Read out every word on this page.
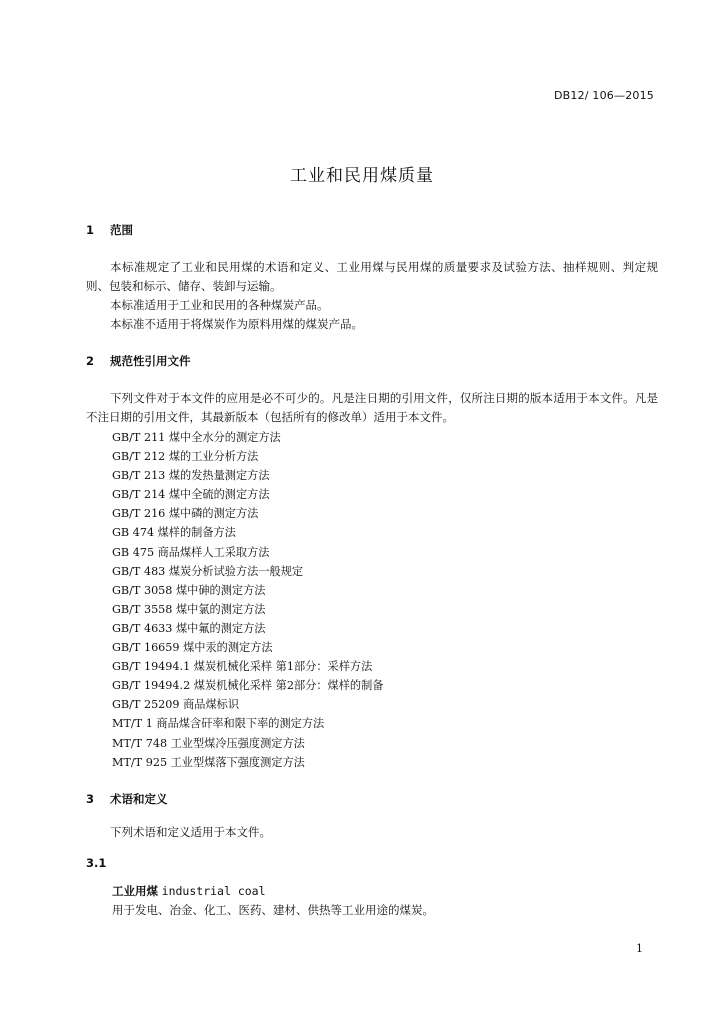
DB12/ 106—2015
工业和民用煤质量
1 范围

本标准规定了工业和民用煤的术语和定义、工业用煤与民用煤的质量要求及试验方法、抽样规则、判定规则、包装和标示、储存、装卸与运输。

本标准适用于工业和民用的各种煤炭产品。

本标准不适用于将煤炭作为原料用煤的煤炭产品。

2 规范性引用文件

下列文件对于本文件的应用是必不可少的。凡是注日期的引用文件，仅所注日期的版本适用于本文件。凡是不注日期的引用文件，其最新版本（包括所有的修改单）适用于本文件。

GB/T 211 煤中全水分的测定方法
GB/T 212 煤的工业分析方法
GB/T 213 煤的发热量测定方法
GB/T 214 煤中全硫的测定方法
GB/T 216 煤中磷的测定方法
GB 474 煤样的制备方法
GB 475 商品煤样人工采取方法
GB/T 483 煤炭分析试验方法一般规定
GB/T 3058 煤中砷的测定方法
GB/T 3558 煤中氯的测定方法
GB/T 4633 煤中氟的测定方法
GB/T 16659 煤中汞的测定方法
GB/T 19494.1 煤炭机械化采样 第1部分：采样方法
GB/T 19494.2 煤炭机械化采样 第2部分：煤样的制备
GB/T 25209 商品煤标识
MT/T 1 商品煤含矸率和限下率的测定方法
MT/T 748 工业型煤冷压强度测定方法
MT/T 925 工业型煤落下强度测定方法
3 术语和定义

下列术语和定义适用于本文件。

3.1
工业用煤 industrial coal
用于发电、冶金、化工、医药、建材、供热等工业用途的煤炭。
1
